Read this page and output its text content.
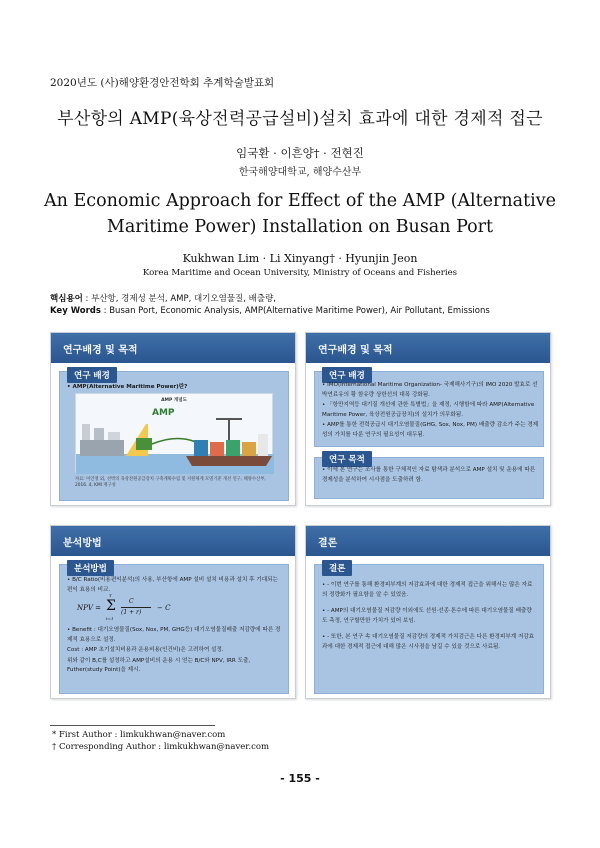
2020년도 (사)해양환경안전학회 추계학술발표회
부산항의 AMP(육상전력공급설비)설치 효과에 대한 경제적 접근
임국환 · 이흔양† · 전현진
한국해양대학교, 해양수산부
An Economic Approach for Effect of the AMP (Alternative Maritime Power) Installation on Busan Port
Kukhwan Lim · Li Xinyang† · Hyunjin Jeon
Korea Maritime and Ocean University, Ministry of Oceans and Fisheries
핵심용어 : 부산항, 경제성 분석, AMP, 대기오염물질, 배출량,
Key Words : Busan Port, Economic Analysis, AMP(Alternative Maritime Power), Air Pollutant, Emissions
연구배경 및 목적
연구 배경

• AMP(Alternative Maritime Power)란?

AMP 개념도
AMP
자료: 이인영 외, 선박의 육상전원공급장치 구축계획수립 및 지원체계 모델기준 개선 연구, 해양수산부, 2016. 4, KMI 재구성
연구배경 및 목적
연구 배경

• IMO(International Maritime Organization- 국제해사기구)의 IMO 2020 발효로 선박연료유의 황 함유량 상한선의 대폭 강화됨.

• 「항만지역등 대기질 개선에 관한 특별법」을 제정, 시행함에 따라 AMP(Alternative Maritime Power, 육상전원공급장치)의 설치가 의무화됨.

• AMP를 통한 전력공급시 대기오염물질(GHG, Sox, Nox, PM) 배출량 감소가 주는 경제성의 가치를 다룬 연구의 필요성이 대두됨.

연구 목적

• 이에 본 연구는 조사를 통한 구체적인 자료 탐색과 분석으로 AMP 설치 및 운용에 따른 경제성을 분석하여 시사점을 도출하려 함.

분석방법
분석방법

• B/C Ratio(비용편익분석)의 사용, 부산항에 AMP 설비 설치 비용과 설치 후 기대되는 편익 효용의 비교.

NPV =
T
Σ
t=1
C
(1 + r)
− C

• Benefit : 대기오염물질(Sox, Nox, PM, GHG등) 대기오염물질배출 저감량에 따른 경제적 효용으로 설정.

Cost : AMP 초기설치비용과 운용비용(인건비)은 고려하여 설정.

위와 같이 B,C를 설정하고 AMP설비의 운용 시 얻는 B/C와 NPV, IRR 도출, Futher(study Point)을 제시.

결론
결론

• - 이번 연구를 통해 환경피부계의 저감효과에 대한 경제적 접근을 위해서는 많은 자료의 정량화가 필요함을 알 수 있었음.

• - AMP의 대기오염물질 저감량 이외에도 선원·선종·톤수에 따른 대기오염물질 배출량도 측정, 연구할만한 가치가 있어 보임.

• - 또한, 본 연구 속 대기오염물질 저감량의 경제적 가치검근은 다른 환경피부계 저감효과에 대한 경제적 접근에 대해 많은 시사점을 남길 수 있을 것으로 사료됨.

* First Author : limkukhwan@naver.com
† Corresponding Author : limkukhwan@naver.com
- 155 -
